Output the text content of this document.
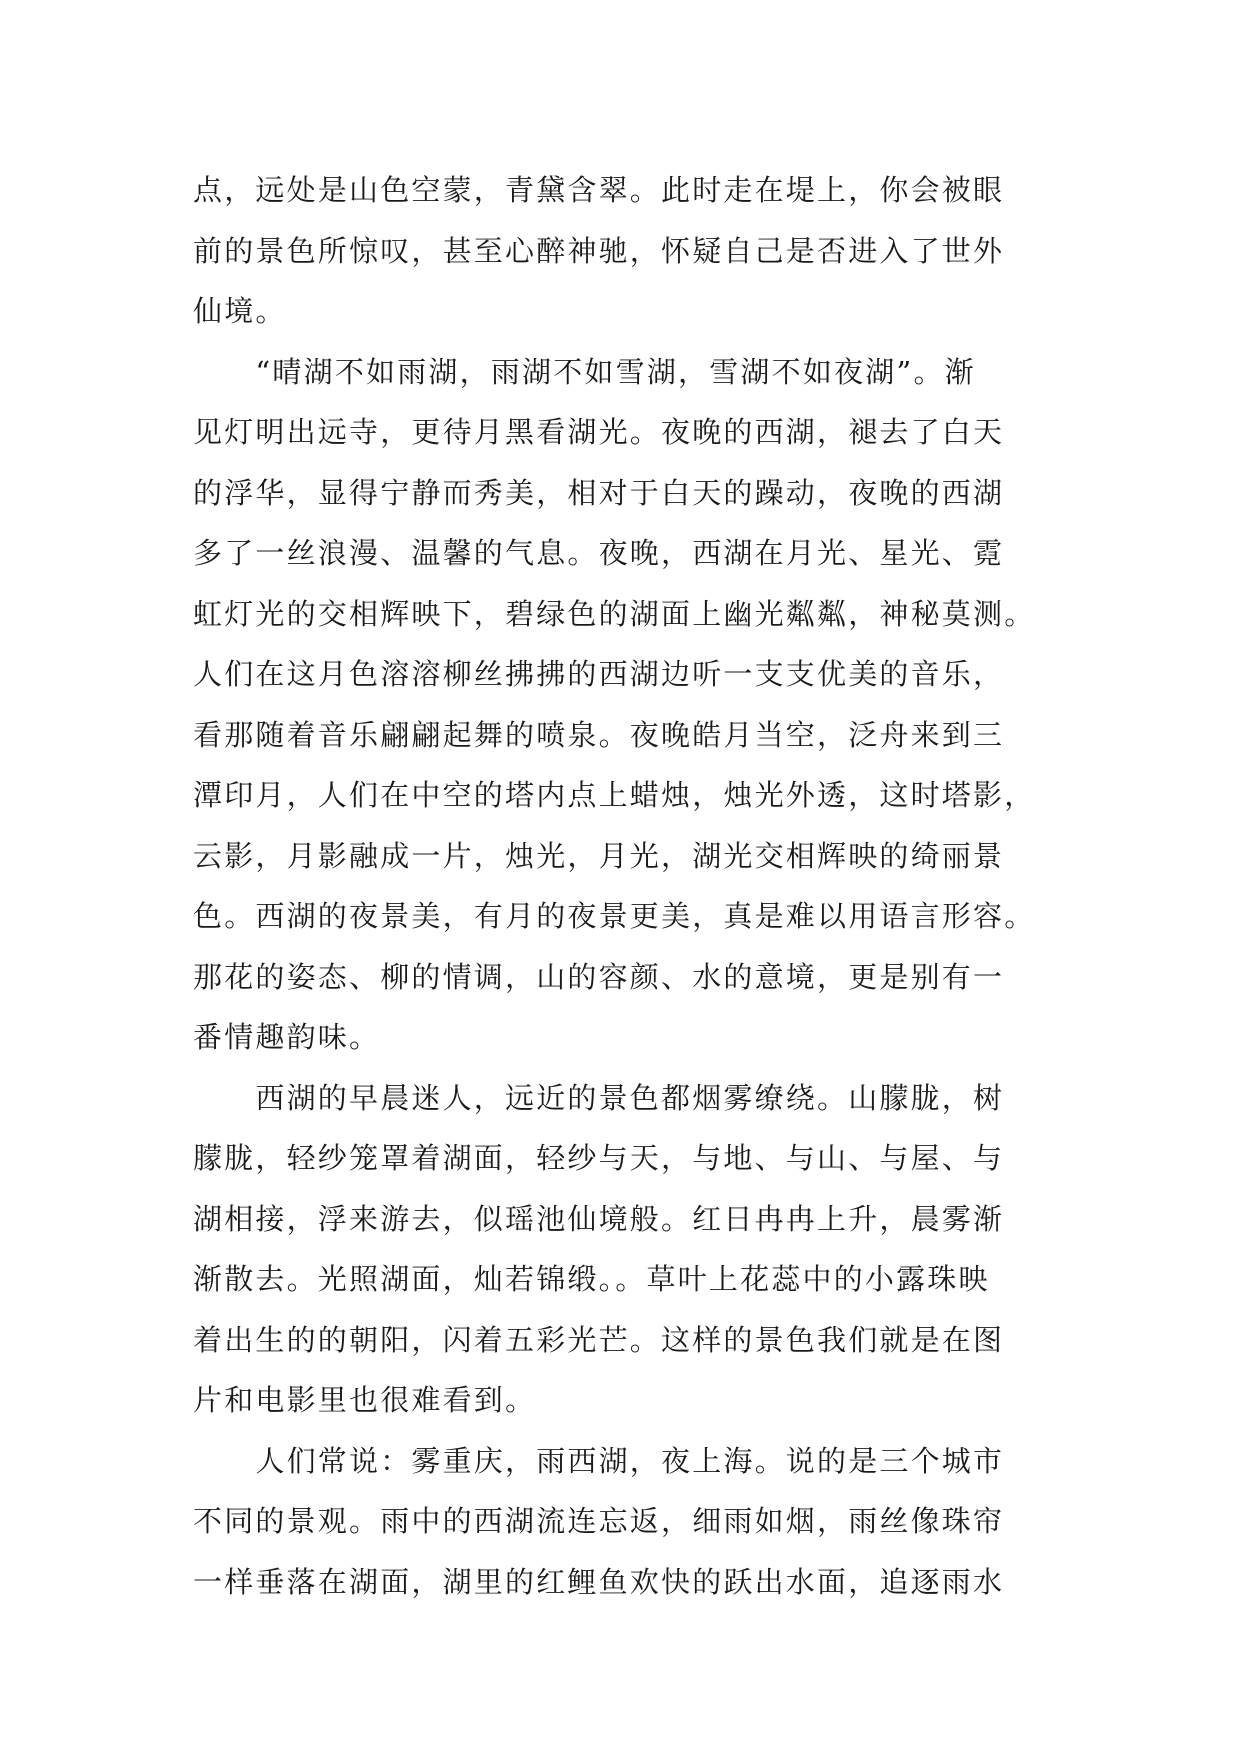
点，远处是山色空蒙，青黛含翠。此时走在堤上，你会被眼
前的景色所惊叹，甚至心醉神驰，怀疑自己是否进入了世外
仙境。
　　“晴湖不如雨湖，雨湖不如雪湖，雪湖不如夜湖”。渐
见灯明出远寺，更待月黑看湖光。夜晚的西湖，褪去了白天
的浮华，显得宁静而秀美，相对于白天的躁动，夜晚的西湖
多了一丝浪漫、温馨的气息。夜晚，西湖在月光、星光、霓
虹灯光的交相辉映下，碧绿色的湖面上幽光粼粼，神秘莫测。
人们在这月色溶溶柳丝拂拂的西湖边听一支支优美的音乐，
看那随着音乐翩翩起舞的喷泉。夜晚皓月当空，泛舟来到三
潭印月，人们在中空的塔内点上蜡烛，烛光外透，这时塔影，
云影，月影融成一片，烛光，月光，湖光交相辉映的绮丽景
色。西湖的夜景美，有月的夜景更美，真是难以用语言形容。
那花的姿态、柳的情调，山的容颜、水的意境，更是别有一
番情趣韵味。
　　西湖的早晨迷人，远近的景色都烟雾缭绕。山朦胧，树
朦胧，轻纱笼罩着湖面，轻纱与天，与地、与山、与屋、与
湖相接，浮来游去，似瑶池仙境般。红日冉冉上升，晨雾渐
渐散去。光照湖面，灿若锦缎。。草叶上花蕊中的小露珠映
着出生的的朝阳，闪着五彩光芒。这样的景色我们就是在图
片和电影里也很难看到。
　　人们常说：雾重庆，雨西湖，夜上海。说的是三个城市
不同的景观。雨中的西湖流连忘返，细雨如烟，雨丝像珠帘
一样垂落在湖面，湖里的红鲤鱼欢快的跃出水面，追逐雨水
